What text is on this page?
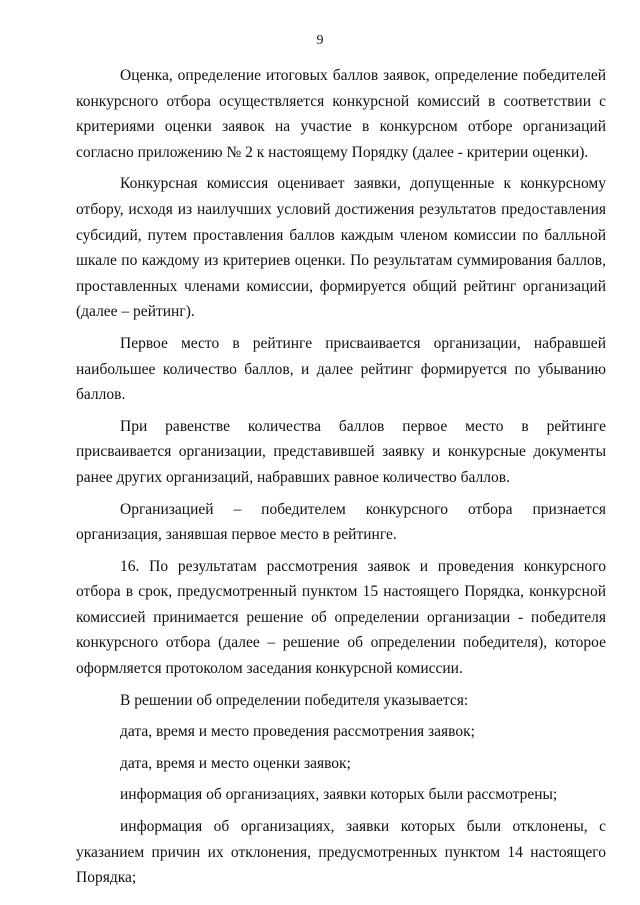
9

Оценка, определение итоговых баллов заявок, определение победителей конкурсного отбора осуществляется конкурсной комиссий в соответствии с критериями оценки заявок на участие в конкурсном отборе организаций согласно приложению № 2 к настоящему Порядку (далее - критерии оценки).

Конкурсная комиссия оценивает заявки, допущенные к конкурсному отбору, исходя из наилучших условий достижения результатов предоставления субсидий, путем проставления баллов каждым членом комиссии по балльной шкале по каждому из критериев оценки. По результатам суммирования баллов, проставленных членами комиссии, формируется общий рейтинг организаций (далее – рейтинг).

Первое место в рейтинге присваивается организации, набравшей наибольшее количество баллов, и далее рейтинг формируется по убыванию баллов.

При равенстве количества баллов первое место в рейтинге присваивается организации, представившей заявку и конкурсные документы ранее других организаций, набравших равное количество баллов.

Организацией – победителем конкурсного отбора признается организация, занявшая первое место в рейтинге.

16. По результатам рассмотрения заявок и проведения конкурсного отбора в срок, предусмотренный пунктом 15 настоящего Порядка, конкурсной комиссией принимается решение об определении организации - победителя конкурсного отбора (далее – решение об определении победителя), которое оформляется протоколом заседания конкурсной комиссии.

В решении об определении победителя указывается:

дата, время и место проведения рассмотрения заявок;

дата, время и место оценки заявок;

информация об организациях, заявки которых были рассмотрены;

информация об организациях, заявки которых были отклонены, с указанием причин их отклонения, предусмотренных пунктом 14 настоящего Порядка;
